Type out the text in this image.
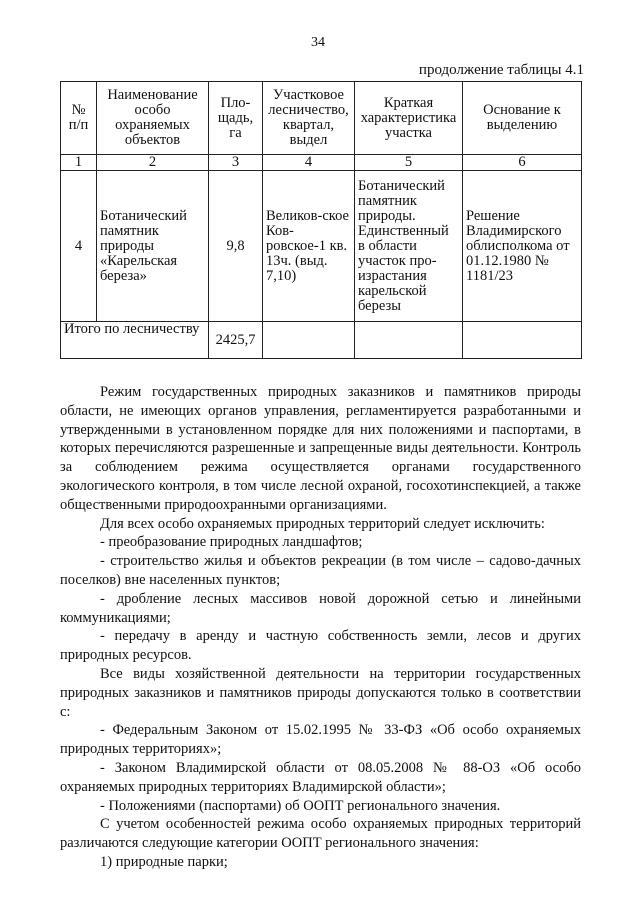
34
продолжение таблицы 4.1
№ п/п	Наименование особо охраняемых объектов	Пло-щадь, га	Участковое лесничество, квартал, выдел	Краткая характеристика участка	Основание к выделению
1	2	3	4	5	6
4	Ботанический памятник природы «Карельская береза»	9,8	Великов-ское Ков-ровское-1 кв. 13ч. (выд. 7,10)	Ботанический памятник природы. Единственный в области участок про-израстания карельской березы	Решение Владимирского облисполкома от 01.12.1980 № 1181/23
Итого по лесничеству		2425,7			

Режим государственных природных заказников и памятников природы области, не имеющих органов управления, регламентируется разработанными и утвержденными в установленном порядке для них положениями и паспортами, в которых перечисляются разрешенные и запрещенные виды деятельности. Контроль за соблюдением режима осуществляется органами государственного экологического контроля, в том числе лесной охраной, госохотинспекцией, а также общественными природоохранными организациями.

Для всех особо охраняемых природных территорий следует исключить:

- преобразование природных ландшафтов;

- строительство жилья и объектов рекреации (в том числе – садово-дачных поселков) вне населенных пунктов;

- дробление лесных массивов новой дорожной сетью и линейными коммуникациями;

- передачу в аренду и частную собственность земли, лесов и других природных ресурсов.

Все виды хозяйственной деятельности на территории государственных природных заказников и памятников природы допускаются только в соответствии с:

- Федеральным Законом от 15.02.1995 № 33-ФЗ «Об особо охраняемых природных территориях»;

- Законом Владимирской области от 08.05.2008 № 88-ОЗ «Об особо охраняемых природных территориях Владимирской области»;

- Положениями (паспортами) об ООПТ регионального значения.

С учетом особенностей режима особо охраняемых природных территорий различаются следующие категории ООПТ регионального значения:

1) природные парки;
